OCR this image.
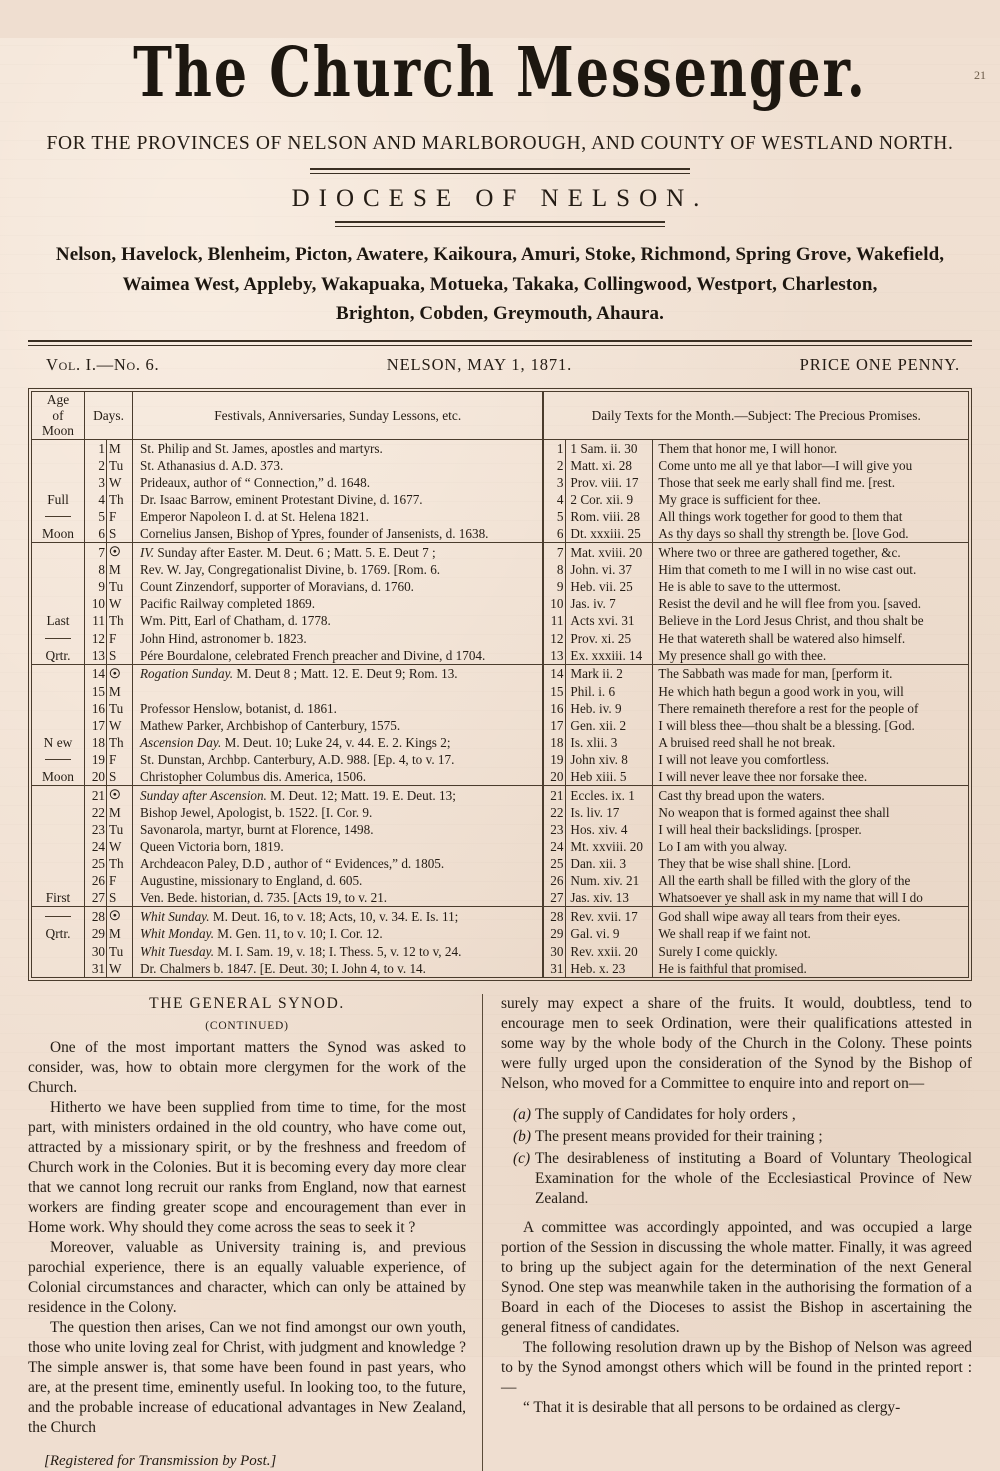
21
The Church Messenger.
FOR THE PROVINCES OF NELSON AND MARLBOROUGH, AND COUNTY OF WESTLAND NORTH.
DIOCESE OF NELSON.
Nelson, Havelock, Blenheim, Picton, Awatere, Kaikoura, Amuri, Stoke, Richmond, Spring Grove, Wakefield,
Waimea West, Appleby, Wakapuaka, Motueka, Takaka, Collingwood, Westport, Charleston,
Brighton, Cobden, Greymouth, Ahaura.
Vol. I.—No. 6.	NELSON, MAY 1, 1871.	PRICE ONE PENNY.
Age
of
Moon	Days.		Festivals, Anniversaries, Sunday Lessons, etc.	Daily Texts for the Month.—Subject: The Precious Promises.		
	1	M	St. Philip and St. James, apostles and martyrs.	1	1 Sam. ii. 30	Them that honor me, I will honor.
	2	Tu	St. Athanasius d. A.D. 373.	2	Matt. xi. 28	Come unto me all ye that labor—I will give you
	3	W	Prideaux, author of “ Connection,” d. 1648.	3	Prov. viii. 17	Those that seek me early shall find me. [rest.
Full	4	Th	Dr. Isaac Barrow, eminent Protestant Divine, d. 1677.	4	2 Cor. xii. 9	My grace is sufficient for thee.

	5	F	Emperor Napoleon I. d. at St. Helena 1821.	5	Rom. viii. 28	All things work together for good to them that
Moon	6	S	Cornelius Jansen, Bishop of Ypres, founder of Jansenists, d. 1638.	6	Dt. xxxiii. 25	As thy days so shall thy strength be. [love God.
	7	☉	IV. Sunday after Easter. M. Deut. 6 ; Matt. 5. E. Deut 7 ;	7	Mat. xviii. 20	Where two or three are gathered together, &c.
	8	M	Rev. W. Jay, Congregationalist Divine, b. 1769. [Rom. 6.	8	John. vi. 37	Him that cometh to me I will in no wise cast out.
	9	Tu	Count Zinzendorf, supporter of Moravians, d. 1760.	9	Heb. vii. 25	He is able to save to the uttermost.
	10	W	Pacific Railway completed 1869.	10	Jas. iv. 7	Resist the devil and he will flee from you. [saved.
Last	11	Th	Wm. Pitt, Earl of Chatham, d. 1778.	11	Acts xvi. 31	Believe in the Lord Jesus Christ, and thou shalt be

	12	F	John Hind, astronomer b. 1823.	12	Prov. xi. 25	He that watereth shall be watered also himself.
Qrtr.	13	S	Pére Bourdalone, celebrated French preacher and Divine, d 1704.	13	Ex. xxxiii. 14	My presence shall go with thee.
	14	☉	Rogation Sunday. M. Deut 8 ; Matt. 12. E. Deut 9; Rom. 13.	14	Mark ii. 2	The Sabbath was made for man, [perform it.
	15	M		15	Phil. i. 6	He which hath begun a good work in you, will
	16	Tu	Professor Henslow, botanist, d. 1861.	16	Heb. iv. 9	There remaineth therefore a rest for the people of
	17	W	Mathew Parker, Archbishop of Canterbury, 1575.	17	Gen. xii. 2	I will bless thee—thou shalt be a blessing. [God.
N ew	18	Th	Ascension Day. M. Deut. 10; Luke 24, v. 44. E. 2. Kings 2;	18	Is. xlii. 3	A bruised reed shall he not break.

	19	F	St. Dunstan, Archbp. Canterbury, A.D. 988. [Ep. 4, to v. 17.	19	John xiv. 8	I will not leave you comfortless.
Moon	20	S	Christopher Columbus dis. America, 1506.	20	Heb xiii. 5	I will never leave thee nor forsake thee.
	21	☉	Sunday after Ascension. M. Deut. 12; Matt. 19. E. Deut. 13;	21	Eccles. ix. 1	Cast thy bread upon the waters.
	22	M	Bishop Jewel, Apologist, b. 1522. [I. Cor. 9.	22	Is. liv. 17	No weapon that is formed against thee shall
	23	Tu	Savonarola, martyr, burnt at Florence, 1498.	23	Hos. xiv. 4	I will heal their backslidings. [prosper.
	24	W	Queen Victoria born, 1819.	24	Mt. xxviii. 20	Lo I am with you alway.
	25	Th	Archdeacon Paley, D.D , author of “ Evidences,” d. 1805.	25	Dan. xii. 3	They that be wise shall shine. [Lord.
	26	F	Augustine, missionary to England, d. 605.	26	Num. xiv. 21	All the earth shall be filled with the glory of the
First	27	S	Ven. Bede. historian, d. 735. [Acts 19, to v. 21.	27	Jas. xiv. 13	Whatsoever ye shall ask in my name that will I do

	28	☉	Whit Sunday. M. Deut. 16, to v. 18; Acts, 10, v. 34. E. Is. 11;	28	Rev. xvii. 17	God shall wipe away all tears from their eyes.
Qrtr.	29	M	Whit Monday. M. Gen. 11, to v. 10; I. Cor. 12.	29	Gal. vi. 9	We shall reap if we faint not.
	30	Tu	Whit Tuesday. M. I. Sam. 19, v. 18; I. Thess. 5, v. 12 to v, 24.	30	Rev. xxii. 20	Surely I come quickly.
	31	W	Dr. Chalmers b. 1847. [E. Deut. 30; I. John 4, to v. 14.	31	Heb. x. 23	He is faithful that promised.
THE GENERAL SYNOD.
(CONTINUED)

One of the most important matters the Synod was asked to consider, was, how to obtain more clergymen for the work of the Church.

Hitherto we have been supplied from time to time, for the most part, with ministers ordained in the old country, who have come out, attracted by a missionary spirit, or by the freshness and freedom of Church work in the Colonies. But it is becoming every day more clear that we cannot long recruit our ranks from England, now that earnest workers are finding greater scope and encouragement than ever in Home work. Why should they come across the seas to seek it ?

Moreover, valuable as University training is, and previous parochial experience, there is an equally valuable experience, of Colonial circumstances and character, which can only be attained by residence in the Colony.

The question then arises, Can we not find amongst our own youth, those who unite loving zeal for Christ, with judgment and knowledge ? The simple answer is, that some have been found in past years, who are, at the present time, eminently useful. In looking too, to the future, and the probable increase of educational advantages in New Zealand, the Church

[Registered for Transmission by Post.]

surely may expect a share of the fruits. It would, doubtless, tend to encourage men to seek Ordination, were their qualifications attested in some way by the whole body of the Church in the Colony. These points were fully urged upon the consideration of the Synod by the Bishop of Nelson, who moved for a Committee to enquire into and report on—

(a) The supply of Candidates for holy orders ,
(b) The present means provided for their training ;
(c) The desirableness of instituting a Board of Voluntary Theological Examination for the whole of the Ecclesiastical Province of New Zealand.

A committee was accordingly appointed, and was occupied a large portion of the Session in discussing the whole matter. Finally, it was agreed to bring up the subject again for the determination of the next General Synod. One step was meanwhile taken in the authorising the formation of a Board in each of the Dioceses to assist the Bishop in ascertaining the general fitness of candidates.

The following resolution drawn up by the Bishop of Nelson was agreed to by the Synod amongst others which will be found in the printed report :—

“ That it is desirable that all persons to be ordained as clergy-
